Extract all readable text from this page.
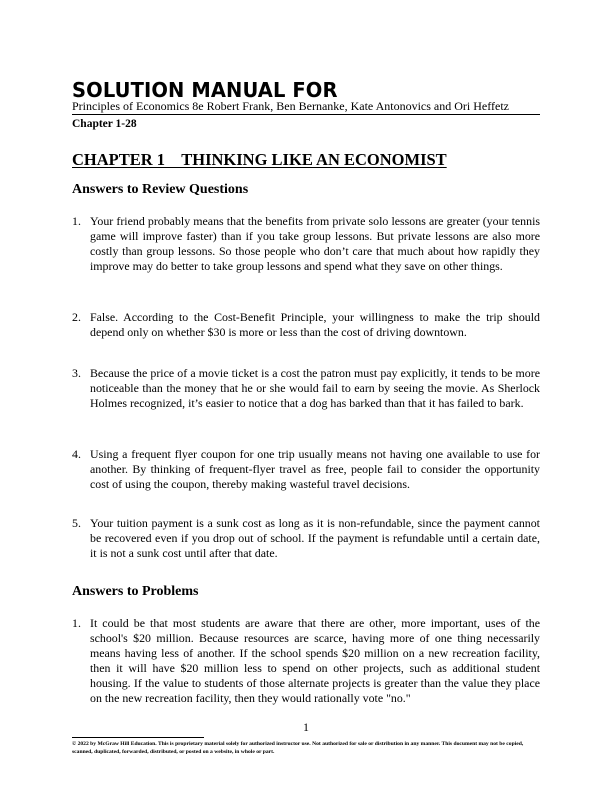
SOLUTION MANUAL FOR
Principles of Economics 8e Robert Frank, Ben Bernanke, Kate Antonovics and Ori Heffetz
Chapter 1-28
CHAPTER 1    THINKING LIKE AN ECONOMIST
Answers to Review Questions
1. Your friend probably means that the benefits from private solo lessons are greater (your tennis game will improve faster) than if you take group lessons. But private lessons are also more costly than group lessons. So those people who don’t care that much about how rapidly they improve may do better to take group lessons and spend what they save on other things.
2. False. According to the Cost-Benefit Principle, your willingness to make the trip should depend only on whether $30 is more or less than the cost of driving downtown.
3. Because the price of a movie ticket is a cost the patron must pay explicitly, it tends to be more noticeable than the money that he or she would fail to earn by seeing the movie. As Sherlock Holmes recognized, it’s easier to notice that a dog has barked than that it has failed to bark.
4. Using a frequent flyer coupon for one trip usually means not having one available to use for another. By thinking of frequent-flyer travel as free, people fail to consider the opportunity cost of using the coupon, thereby making wasteful travel decisions.
5. Your tuition payment is a sunk cost as long as it is non-refundable, since the payment cannot be recovered even if you drop out of school. If the payment is refundable until a certain date, it is not a sunk cost until after that date.
Answers to Problems
1. It could be that most students are aware that there are other, more important, uses of the school's $20 million. Because resources are scarce, having more of one thing necessarily means having less of another. If the school spends $20 million on a new recreation facility, then it will have $20 million less to spend on other projects, such as additional student housing. If the value to students of those alternate projects is greater than the value they place on the new recreation facility, then they would rationally vote "no."
1
© 2022 by McGraw Hill Education. This is proprietary material solely for authorized instructor use. Not authorized for sale or distribution in any manner. This document may not be copied, scanned, duplicated, forwarded, distributed, or posted on a website, in whole or part.
